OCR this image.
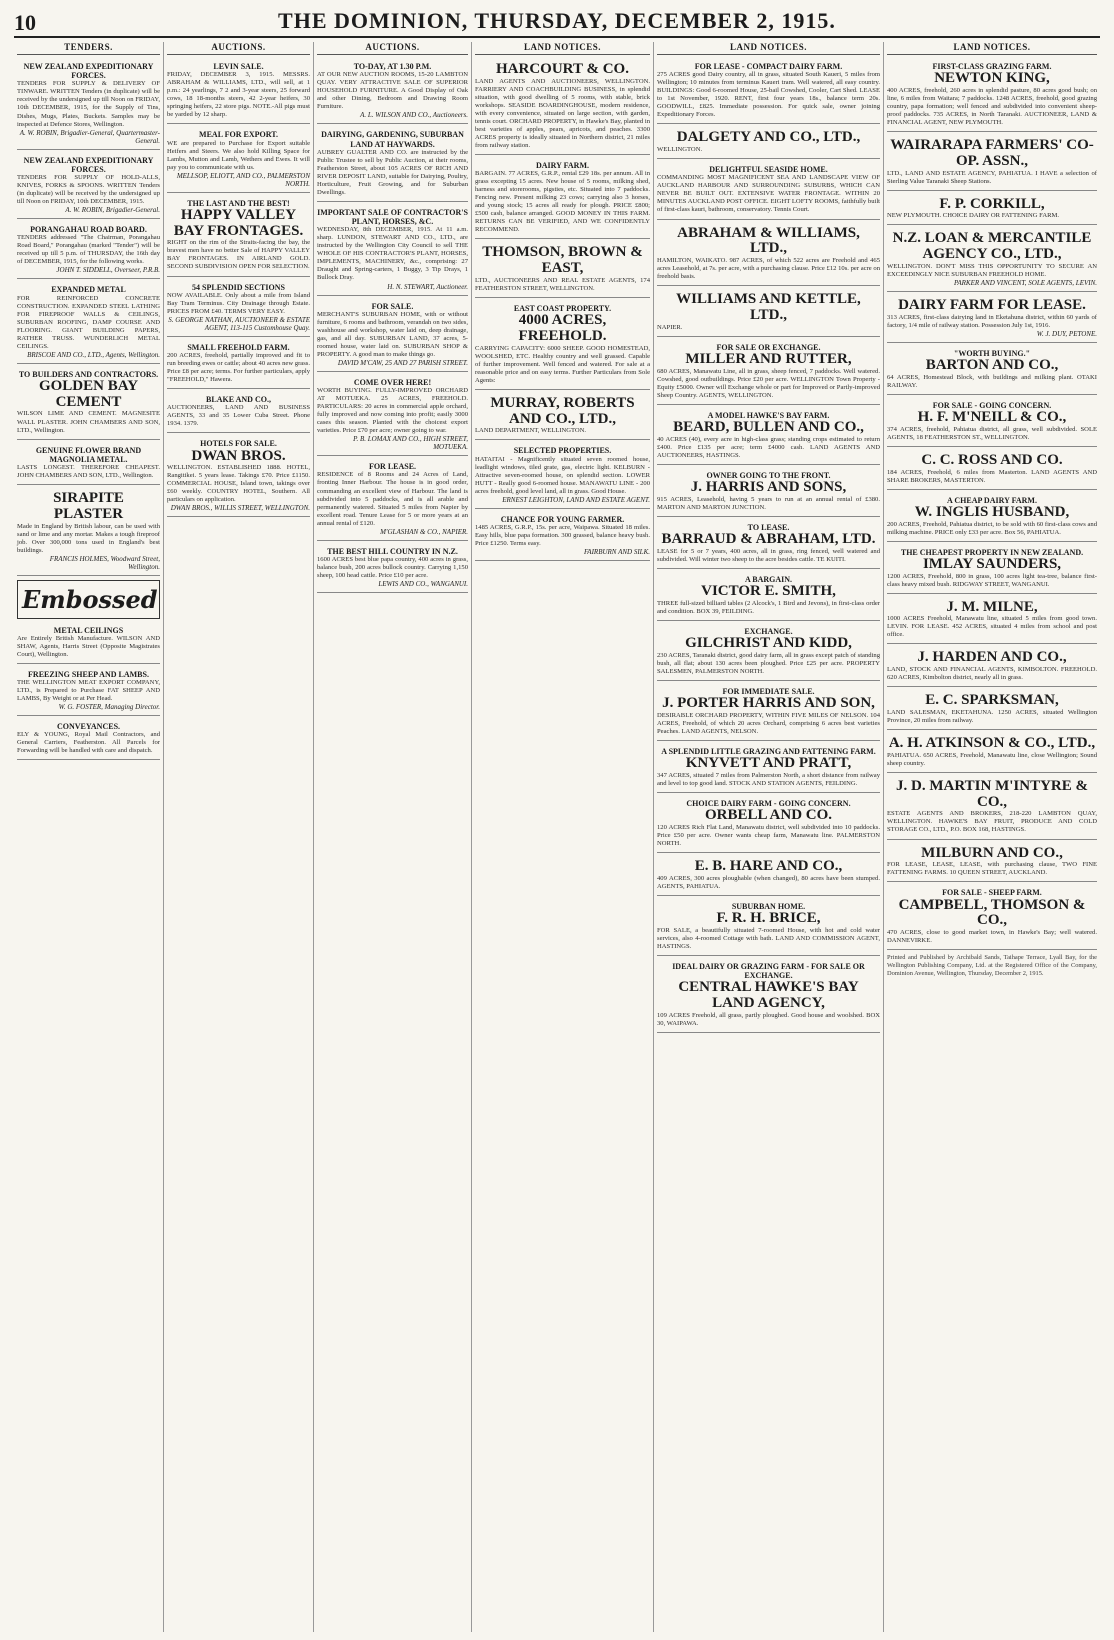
10	THE DOMINION, THURSDAY, DECEMBER 2, 1915.
TENDERS.
NEW ZEALAND EXPEDITIONARY FORCES.
TENDERS FOR SUPPLY & DELIVERY OF TINWARE. WRITTEN Tenders (in duplicate) will be received by the undersigned up till Noon on FRIDAY, 10th DECEMBER, 1915, for the Supply of Tins, Dishes, Mugs, Plates, Buckets. Samples may be inspected at Defence Stores, Wellington.
A. W. ROBIN, Brigadier-General, Quartermaster-General.
NEW ZEALAND EXPEDITIONARY FORCES.
TENDERS FOR SUPPLY OF HOLD-ALLS, KNIVES, FORKS & SPOONS. WRITTEN Tenders (in duplicate) will be received by the undersigned up till Noon on FRIDAY, 10th DECEMBER, 1915.
A. W. ROBIN, Brigadier-General.
PORANGAHAU ROAD BOARD.
TENDERS addressed "The Chairman, Porangahau Road Board," Porangahau (marked "Tender") will be received up till 5 p.m. of THURSDAY, the 16th day of DECEMBER, 1915, for the following works.
JOHN T. SIDDELL, Overseer, P.R.B.
EXPANDED METAL
FOR REINFORCED CONCRETE CONSTRUCTION. EXPANDED STEEL LATHING FOR FIREPROOF WALLS & CEILINGS, SUBURBAN ROOFING, DAMP COURSE AND FLOORING. GIANT BUILDING PAPERS, RATHER TRUSS. WUNDERLICH METAL CEILINGS.
BRISCOE AND CO., LTD., Agents, Wellington.
TO BUILDERS AND CONTRACTORS.
GOLDEN BAY CEMENT
WILSON LIME AND CEMENT. MAGNESITE WALL PLASTER. JOHN CHAMBERS AND SON, LTD., Wellington.
GENUINE FLOWER BRAND MAGNOLIA METAL.
LASTS LONGEST. THEREFORE CHEAPEST. JOHN CHAMBERS AND SON, LTD., Wellington.
SIRAPITE PLASTER
Made in England by British labour, can be used with sand or lime and any mortar. Makes a tough fireproof job. Over 300,000 tons used in England's best buildings.
FRANCIS HOLMES, Woodward Street, Wellington.
Embossed
METAL CEILINGS
Are Entirely British Manufacture. WILSON AND SHAW, Agents, Harris Street (Opposite Magistrates Court), Wellington.
FREEZING SHEEP AND LAMBS.
THE WELLINGTON MEAT EXPORT COMPANY, LTD., is Prepared to Purchase FAT SHEEP AND LAMBS, By Weight or at Per Head.
W. G. FOSTER, Managing Director.
CONVEYANCES.
ELY & YOUNG, Royal Mail Contractors, and General Carriers, Featherston. All Parcels for Forwarding will be handled with care and dispatch.
AUCTIONS.
LEVIN SALE.
FRIDAY, DECEMBER 3, 1915. MESSRS. ABRAHAM & WILLIAMS, LTD., will sell, at 1 p.m.: 24 yearlings, 7 2 and 3-year steers, 25 forward cows, 18 18-months steers, 42 2-year heifers, 30 springing heifers, 22 store pigs. NOTE.-All pigs must be yarded by 12 sharp.
MEAL FOR EXPORT.
WE are prepared to Purchase for Export suitable Heifers and Steers. We also hold Killing Space for Lambs, Mutton and Lamb, Wethers and Ewes. It will pay you to communicate with us.
MELLSOP, ELIOTT, AND CO., PALMERSTON NORTH.
THE LAST AND THE BEST!
HAPPY VALLEY BAY FRONTAGES.
RIGHT on the rim of the Straits-facing the bay, the bravest men have no better Sale of HAPPY VALLEY BAY FRONTAGES. IN AIRLAND GOLD. SECOND SUBDIVISION OPEN FOR SELECTION.
54 SPLENDID SECTIONS
NOW AVAILABLE. Only about a mile from Island Bay Tram Terminus. City Drainage through Estate. PRICES FROM £40. TERMS VERY EASY.
S. GEORGE NATHAN, AUCTIONEER & ESTATE AGENT, 113-115 Customhouse Quay.
SMALL FREEHOLD FARM.
200 ACRES, freehold, partially improved and fit to run breeding ewes or cattle; about 40 acres new grass. Price £8 per acre; terms. For further particulars, apply "FREEHOLD," Hawera.
BLAKE AND CO.,
AUCTIONEERS, LAND AND BUSINESS AGENTS, 33 and 35 Lower Cuba Street. Phone 1934. 1379.
HOTELS FOR SALE.
DWAN BROS.
WELLINGTON. ESTABLISHED 1888. HOTEL, Rangitikei. 5 years lease. Takings £70. Price £1150. COMMERCIAL HOUSE, Island town, takings over £60 weekly. COUNTRY HOTEL, Southern. All particulars on application.
DWAN BROS., WILLIS STREET, WELLINGTON.
AUCTIONS.
TO-DAY, AT 1.30 P.M.
AT OUR NEW AUCTION ROOMS, 15-20 LAMBTON QUAY. VERY ATTRACTIVE SALE OF SUPERIOR HOUSEHOLD FURNITURE. A Good Display of Oak and other Dining, Bedroom and Drawing Room Furniture.
A. L. WILSON AND CO., Auctioneers.
DAIRYING, GARDENING, SUBURBAN LAND AT HAYWARDS.
AUBREY GUALTER AND CO. are instructed by the Public Trustee to sell by Public Auction, at their rooms, Featherston Street, about 105 ACRES OF RICH AND RIVER DEPOSIT LAND, suitable for Dairying, Poultry, Horticulture, Fruit Growing, and for Suburban Dwellings.
IMPORTANT SALE OF CONTRACTOR'S PLANT, HORSES, &C.
WEDNESDAY, 8th DECEMBER, 1915. At 11 a.m. sharp. LUNDON, STEWART AND CO., LTD., are instructed by the Wellington City Council to sell THE WHOLE OF HIS CONTRACTOR'S PLANT, HORSES, IMPLEMENTS, MACHINERY, &c., comprising: 27 Draught and Spring-carters, 1 Buggy, 3 Tip Drays, 1 Bullock Dray.
H. N. STEWART, Auctioneer.
FOR SALE.
MERCHANT'S SUBURBAN HOME, with or without furniture, 6 rooms and bathroom, verandah on two sides, washhouse and workshop, water laid on, deep drainage, gas, and all day. SUBURBAN LAND, 37 acres, 5-roomed house, water laid on. SUBURBAN SHOP & PROPERTY. A good man to make things go.
DAVID M'CAW, 25 AND 27 PARISH STREET.
COME OVER HERE!
WORTH BUYING. FULLY-IMPROVED ORCHARD AT MOTUEKA. 25 ACRES, FREEHOLD. PARTICULARS: 20 acres in commercial apple orchard, fully improved and now coming into profit; easily 3000 cases this season. Planted with the choicest export varieties. Price £70 per acre; owner going to war.
P. B. LOMAX AND CO., HIGH STREET, MOTUEKA.
FOR LEASE.
RESIDENCE of 8 Rooms and 24 Acres of Land, fronting Inner Harbour. The house is in good order, commanding an excellent view of Harbour. The land is subdivided into 5 paddocks, and is all arable and permanently watered. Situated 5 miles from Napier by excellent road. Tenure Lease for 5 or more years at an annual rental of £120.
M'GLASHAN & CO., NAPIER.
THE BEST HILL COUNTRY IN N.Z.
1600 ACRES best blue papa country, 400 acres in grass, balance bush, 200 acres bullock country. Carrying 1,150 sheep, 100 head cattle. Price £10 per acre.
LEWIS AND CO., WANGANUI.
LAND NOTICES.
HARCOURT & CO.
LAND AGENTS AND AUCTIONEERS, WELLINGTON. FARRIERY AND COACHBUILDING BUSINESS, in splendid situation, with good dwelling of 5 rooms, with stable, brick workshops. SEASIDE BOARDINGHOUSE, modern residence, with every convenience, situated on large section, with garden, tennis court. ORCHARD PROPERTY, in Hawke's Bay, planted in best varieties of apples, pears, apricots, and peaches. 3300 ACRES property is ideally situated in Northern district, 21 miles from railway station.
DAIRY FARM.
BARGAIN. 77 ACRES, G.R.P., rental £29 18s. per annum. All in grass excepting 15 acres. New house of 5 rooms, milking shed, harness and storerooms, pigsties, etc. Situated into 7 paddocks. Fencing new. Present milking 23 cows; carrying also 3 horses, and young stock; 15 acres all ready for plough. PRICE £800; £500 cash, balance arranged. GOOD MONEY IN THIS FARM. RETURNS CAN BE VERIFIED, AND WE CONFIDENTLY RECOMMEND.
THOMSON, BROWN & EAST,
LTD., AUCTIONEERS AND REAL ESTATE AGENTS, 174 FEATHERSTON STREET, WELLINGTON.
EAST COAST PROPERTY.
4000 ACRES, FREEHOLD.
CARRYING CAPACITY: 6000 SHEEP. GOOD HOMESTEAD, WOOLSHED, ETC. Healthy country and well grassed. Capable of further improvement. Well fenced and watered. For sale at a reasonable price and on easy terms. Further Particulars from Sole Agents:
MURRAY, ROBERTS AND CO., LTD.,
LAND DEPARTMENT, WELLINGTON.
SELECTED PROPERTIES.
HATAITAI - Magnificently situated seven roomed house, leadlight windows, tiled grate, gas, electric light. KELBURN - Attractive seven-roomed house, on splendid section. LOWER HUTT - Really good 6-roomed house. MANAWATU LINE - 200 acres freehold, good level land, all in grass. Good House.
ERNEST LEIGHTON, LAND AND ESTATE AGENT.
CHANCE FOR YOUNG FARMER.
1485 ACRES, G.R.P., 15s. per acre, Waipawa. Situated 18 miles. Easy hills, blue papa formation. 300 grassed, balance heavy bush. Price £1250. Terms easy.
FAIRBURN AND SILK.
LAND NOTICES.
FOR LEASE - COMPACT DAIRY FARM.
275 ACRES good Dairy country, all in grass, situated South Kaueri, 5 miles from Wellington; 10 minutes from terminus Kaueri tram. Well watered, all easy country. BUILDINGS: Good 6-roomed House, 25-bail Cowshed, Cooler, Cart Shed. LEASE to 1st November, 1920. RENT, first four years 18s., balance term 20s. GOODWILL, £825. Immediate possession. For quick sale, owner joining Expeditionary Forces.
DALGETY AND CO., LTD.,
WELLINGTON.
DELIGHTFUL SEASIDE HOME.
COMMANDING MOST MAGNIFICENT SEA AND LANDSCAPE VIEW OF AUCKLAND HARBOUR AND SURROUNDING SUBURBS, WHICH CAN NEVER BE BUILT OUT. EXTENSIVE WATER FRONTAGE. WITHIN 20 MINUTES AUCKLAND POST OFFICE. EIGHT LOFTY ROOMS, faithfully built of first-class kauri, bathroom, conservatory. Tennis Court.
ABRAHAM & WILLIAMS, LTD.,
HAMILTON, WAIKATO. 987 ACRES, of which 522 acres are Freehold and 465 acres Leasehold, at 7s. per acre, with a purchasing clause. Price £12 10s. per acre on freehold basis.
WILLIAMS AND KETTLE, LTD.,
NAPIER.
FOR SALE OR EXCHANGE.
MILLER AND RUTTER,
680 ACRES, Manawatu Line, all in grass, sheep fenced, 7 paddocks. Well watered. Cowshed, good outbuildings. Price £20 per acre. WELLINGTON Town Property - Equity £5000. Owner will Exchange whole or part for Improved or Partly-improved Sheep Country. AGENTS, WELLINGTON.
A MODEL HAWKE'S BAY FARM.
BEARD, BULLEN AND CO.,
40 ACRES (40), every acre in high-class grass; standing crops estimated to return £400. Price £135 per acre; term £4000 cash. LAND AGENTS AND AUCTIONEERS, HASTINGS.
OWNER GOING TO THE FRONT.
J. HARRIS AND SONS,
915 ACRES, Leasehold, having 5 years to run at an annual rental of £380. MARTON AND MARTON JUNCTION.
TO LEASE.
BARRAUD & ABRAHAM, LTD.
LEASE for 5 or 7 years, 400 acres, all in grass, ring fenced, well watered and subdivided. Will winter two sheep to the acre besides cattle. TE KUITI.
A BARGAIN.
VICTOR E. SMITH,
THREE full-sized billiard tables (2 Alcock's, 1 Bird and Jevons), in first-class order and condition. BOX 39, FEILDING.
EXCHANGE.
GILCHRIST AND KIDD,
230 ACRES, Taranaki district, good dairy farm, all in grass except patch of standing bush, all flat; about 130 acres been ploughed. Price £25 per acre. PROPERTY SALESMEN, PALMERSTON NORTH.
FOR IMMEDIATE SALE.
J. PORTER HARRIS AND SON,
DESIRABLE ORCHARD PROPERTY, WITHIN FIVE MILES OF NELSON. 104 ACRES, Freehold, of which 20 acres Orchard, comprising 6 acres best varieties Peaches. LAND AGENTS, NELSON.
A SPLENDID LITTLE GRAZING AND FATTENING FARM.
KNYVETT AND PRATT,
347 ACRES, situated 7 miles from Palmerston North, a short distance from railway and level to top good land. STOCK AND STATION AGENTS, FEILDING.
CHOICE DAIRY FARM - GOING CONCERN.
ORBELL AND CO.
120 ACRES Rich Flat Land, Manawatu district, well subdivided into 10 paddocks. Price £50 per acre. Owner wants cheap farm, Manawatu line. PALMERSTON NORTH.
E. B. HARE AND CO.,
409 ACRES, 300 acres ploughable (when changed), 80 acres have been stumped. AGENTS, PAHIATUA.
SUBURBAN HOME.
F. R. H. BRICE,
FOR SALE, a beautifully situated 7-roomed House, with hot and cold water services, also 4-roomed Cottage with bath. LAND AND COMMISSION AGENT, HASTINGS.
IDEAL DAIRY OR GRAZING FARM - FOR SALE OR EXCHANGE.
CENTRAL HAWKE'S BAY LAND AGENCY,
109 ACRES Freehold, all grass, partly ploughed. Good house and woolshed. BOX 30, WAIPAWA.
LAND NOTICES.
FIRST-CLASS GRAZING FARM.
NEWTON KING,
400 ACRES, freehold, 260 acres in splendid pasture, 80 acres good bush; on line, 6 miles from Waitara; 7 paddocks. 1248 ACRES, freehold, good grazing country, papa formation; well fenced and subdivided into convenient sheep-proof paddocks. 735 ACRES, in North Taranaki. AUCTIONEER, LAND & FINANCIAL AGENT, NEW PLYMOUTH.
WAIRARAPA FARMERS' CO-OP. ASSN.,
LTD., LAND AND ESTATE AGENCY, PAHIATUA. I HAVE a selection of Sterling Value Taranaki Sheep Stations.
F. P. CORKILL,
NEW PLYMOUTH. CHOICE DAIRY OR FATTENING FARM.
N.Z. LOAN & MERCANTILE AGENCY CO., LTD.,
WELLINGTON. DON'T MISS THIS OPPORTUNITY TO SECURE AN EXCEEDINGLY NICE SUBURBAN FREEHOLD HOME.
PARKER AND VINCENT, SOLE AGENTS, LEVIN.
DAIRY FARM FOR LEASE.
313 ACRES, first-class dairying land in Eketahuna district, within 60 yards of factory, 1/4 mile of railway station. Possession July 1st, 1916.
W. J. DUY, PETONE.
"WORTH BUYING."
BARTON AND CO.,
64 ACRES, Homestead Block, with buildings and milking plant. OTAKI RAILWAY.
FOR SALE - GOING CONCERN.
H. F. M'NEILL & CO.,
374 ACRES, freehold, Pahiatua district, all grass, well subdivided. SOLE AGENTS, 18 FEATHERSTON ST., WELLINGTON.
C. C. ROSS AND CO.
184 ACRES, Freehold, 6 miles from Masterton. LAND AGENTS AND SHARE BROKERS, MASTERTON.
A CHEAP DAIRY FARM.
W. INGLIS HUSBAND,
200 ACRES, Freehold, Pahiatua district, to be sold with 60 first-class cows and milking machine. PRICE only £33 per acre. Box 56, PAHIATUA.
THE CHEAPEST PROPERTY IN NEW ZEALAND.
IMLAY SAUNDERS,
1200 ACRES, Freehold, 800 in grass, 100 acres light tea-tree, balance first-class heavy mixed bush. RIDGWAY STREET, WANGANUI.
J. M. MILNE,
1000 ACRES Freehold, Manawatu line, situated 5 miles from good town. LEVIN. FOR LEASE. 452 ACRES, situated 4 miles from school and post office.
J. HARDEN AND CO.,
LAND, STOCK AND FINANCIAL AGENTS, KIMBOLTON. FREEHOLD. 620 ACRES, Kimbolton district, nearly all in grass.
E. C. SPARKSMAN,
LAND SALESMAN, EKETAHUNA. 1250 ACRES, situated Wellington Province, 20 miles from railway.
A. H. ATKINSON & CO., LTD.,
PAHIATUA. 650 ACRES, Freehold, Manawatu line, close Wellington; Sound sheep country.
J. D. MARTIN M'INTYRE & CO.,
ESTATE AGENTS AND BROKERS, 218-220 LAMBTON QUAY, WELLINGTON. HAWKE'S BAY FRUIT, PRODUCE AND COLD STORAGE CO., LTD., P.O. BOX 168, HASTINGS.
MILBURN AND CO.,
FOR LEASE, LEASE, LEASE, with purchasing clause, TWO FINE FATTENING FARMS. 10 QUEEN STREET, AUCKLAND.
FOR SALE - SHEEP FARM.
CAMPBELL, THOMSON & CO.,
470 ACRES, close to good market town, in Hawke's Bay; well watered. DANNEVIRKE.
Printed and Published by Archibald Sands, Taihape Terrace, Lyall Bay, for the Wellington Publishing Company, Ltd. at the Registered Office of the Company, Dominion Avenue, Wellington, Thursday, December 2, 1915.
